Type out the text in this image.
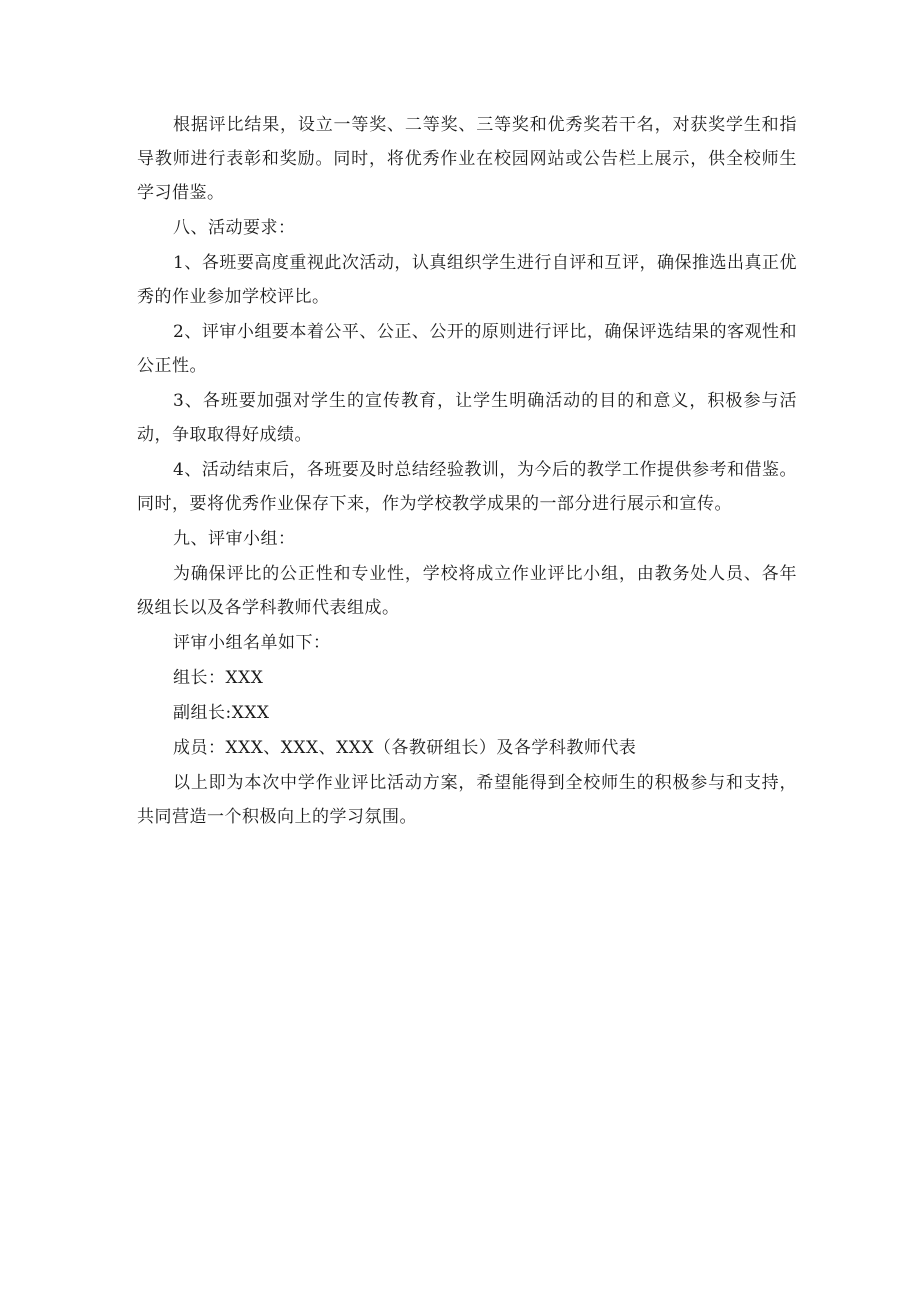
根据评比结果，设立一等奖、二等奖、三等奖和优秀奖若干名，对获奖学生和指导教师进行表彰和奖励。同时，将优秀作业在校园网站或公告栏上展示，供全校师生学习借鉴。

八、活动要求：

1、各班要高度重视此次活动，认真组织学生进行自评和互评，确保推选出真正优秀的作业参加学校评比。

2、评审小组要本着公平、公正、公开的原则进行评比，确保评选结果的客观性和公正性。

3、各班要加强对学生的宣传教育，让学生明确活动的目的和意义，积极参与活动，争取取得好成绩。

4、活动结束后，各班要及时总结经验教训，为今后的教学工作提供参考和借鉴。同时，要将优秀作业保存下来，作为学校教学成果的一部分进行展示和宣传。

九、评审小组：

为确保评比的公正性和专业性，学校将成立作业评比小组，由教务处人员、各年级组长以及各学科教师代表组成。

评审小组名单如下：

组长：XXX

副组长:XXX

成员：XXX、XXX、XXX（各教研组长）及各学科教师代表

以上即为本次中学作业评比活动方案，希望能得到全校师生的积极参与和支持，共同营造一个积极向上的学习氛围。
